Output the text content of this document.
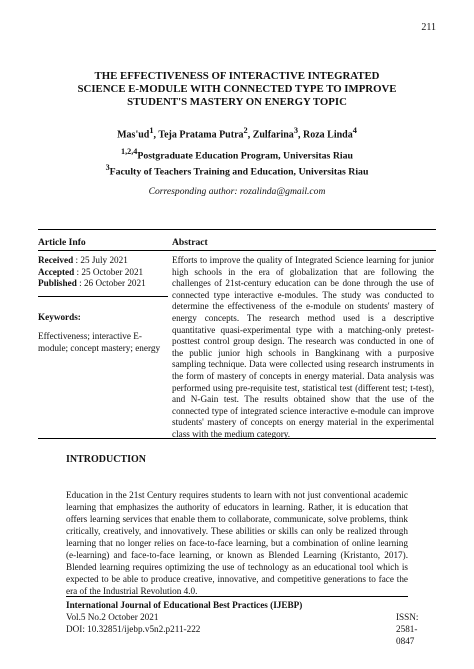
211
THE EFFECTIVENESS OF INTERACTIVE INTEGRATED
SCIENCE E-MODULE WITH CONNECTED TYPE TO IMPROVE
STUDENT'S MASTERY ON ENERGY TOPIC
$Mas'ud^1$, Teja Pratama Putra$^2$, Zulfarina$^3$, Roza Linda$^4$
$^{1,2,4}$Postgraduate Education Program, Universitas Riau
$^3$Faculty of Teachers Training and Education, Universitas Riau
Corresponding author: rozalinda@gmail.com
Article Info	Abstract
Received : 25 July 2021
Accepted : 25 October 2021
Published : 26 October 2021
Keywords:
Effectiveness; interactive E-module; concept mastery; energy
Efforts to improve the quality of Integrated Science learning for junior high schools in the era of globalization that are following the challenges of 21st-century education can be done through the use of connected type interactive e-modules. The study was conducted to determine the effectiveness of the e-module on students' mastery of energy concepts. The research method used is a descriptive quantitative quasi-experimental type with a matching-only pretest-posttest control group design. The research was conducted in one of the public junior high schools in Bangkinang with a purposive sampling technique. Data were collected using research instruments in the form of mastery of concepts in energy material. Data analysis was performed using pre-requisite test, statistical test (different test; t-test), and N-Gain test. The results obtained show that the use of the connected type of integrated science interactive e-module can improve students' mastery of concepts on energy material in the experimental class with the medium category.
INTRODUCTION
Education in the 21st Century requires students to learn with not just conventional academic learning that emphasizes the authority of educators in learning. Rather, it is education that offers learning services that enable them to collaborate, communicate, solve problems, think critically, creatively, and innovatively. These abilities or skills can only be realized through learning that no longer relies on face-to-face learning, but a combination of online learning (e-learning) and face-to-face learning, or known as Blended Learning (Kristanto, 2017). Blended learning requires optimizing the use of technology as an educational tool which is expected to be able to produce creative, innovative, and competitive generations to face the era of the Industrial Revolution 4.0.
International Journal of Educational Best Practices (IJEBP)
Vol.5 No.2 October 2021	ISSN: 2581-0847
DOI: 10.32851/ijebp.v5n2.p211-222
